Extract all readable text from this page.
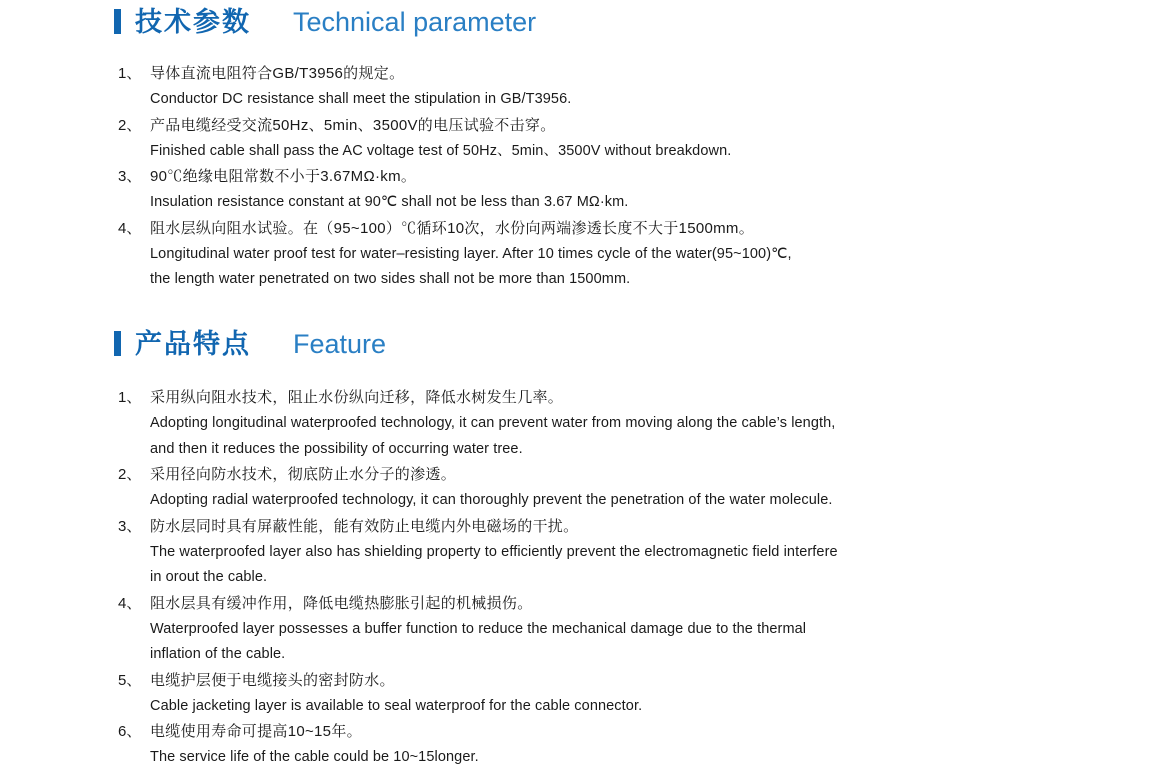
技术参数 Technical parameter
1、 导体直流电阻符合GB/T3956的规定。
Conductor DC resistance shall meet the stipulation in GB/T3956.
2、 产品电缆经受交流50Hz、5min、3500V的电压试验不击穿。
Finished cable shall pass the AC voltage test of 50Hz、5min、3500V without breakdown.
3、 90℃绝缘电阻常数不小于3.67MΩ·km。
Insulation resistance constant at 90℃ shall not be less than 3.67 MΩ·km.
4、 阻水层纵向阻水试验。在（95~100）℃循环10次，水份向两端渗透长度不大于1500mm。
Longitudinal water proof test for water–resisting layer. After 10 times cycle of the water(95~100)℃,
the length water penetrated on two sides shall not be more than 1500mm.
产品特点 Feature
1、 采用纵向阻水技术，阻止水份纵向迁移，降低水树发生几率。
Adopting longitudinal waterproofed technology, it can prevent water from moving along the cable’s length,
and then it reduces the possibility of occurring water tree.
2、 采用径向防水技术，彻底防止水分子的渗透。
Adopting radial waterproofed technology, it can thoroughly prevent the penetration of the water molecule.
3、 防水层同时具有屏蔽性能，能有效防止电缆内外电磁场的干扰。
The waterproofed layer also has shielding property to efficiently prevent the electromagnetic field interfere
in orout the cable.
4、 阻水层具有缓冲作用，降低电缆热膨胀引起的机械损伤。
Waterproofed layer possesses a buffer function to reduce the mechanical damage due to the thermal
inflation of the cable.
5、 电缆护层便于电缆接头的密封防水。
Cable jacketing layer is available to seal waterproof for the cable connector.
6、 电缆使用寿命可提高10~15年。
The service life of the cable could be 10~15longer.
